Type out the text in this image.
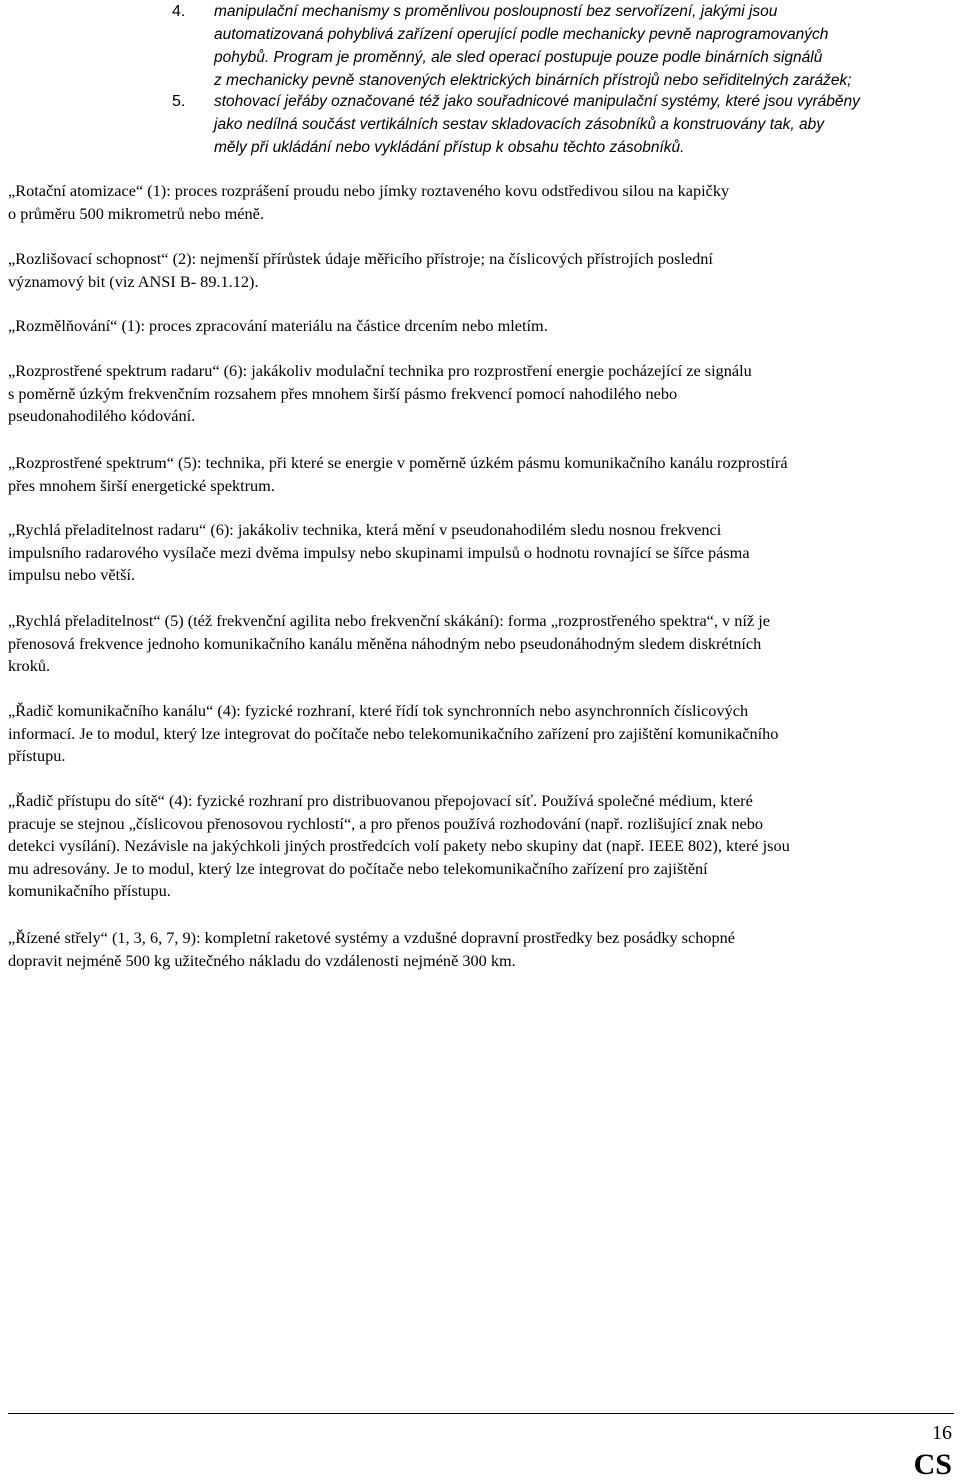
4. manipulační mechanismy s proměnlivou posloupností bez servořízení, jakými jsou
automatizovaná pohyblivá zařízení operující podle mechanicky pevně naprogramovaných
pohybů. Program je proměnný, ale sled operací postupuje pouze podle binárních signálů
z mechanicky pevně stanovených elektrických binárních přístrojů nebo seřiditelných zarážek;
5. stohovací jeřáby označované též jako souřadnicové manipulační systémy, které jsou vyráběny
jako nedílná součást vertikálních sestav skladovacích zásobníků a konstruovány tak, aby
měly při ukládání nebo vykládání přístup k obsahu těchto zásobníků.
„Rotační atomizace“ (1): proces rozprášení proudu nebo jímky roztaveného kovu odstředivou silou na kapičky
o průměru 500 mikrometrů nebo méně.
„Rozlišovací schopnost“ (2): nejmenší přírůstek údaje měřicího přístroje; na číslicových přístrojích poslední
významový bit (viz ANSI B- 89.1.12).
„Rozmělňování“ (1): proces zpracování materiálu na částice drcením nebo mletím.
„Rozprostřené spektrum radaru“ (6): jakákoliv modulační technika pro rozprostření energie pocházející ze signálu
s poměrně úzkým frekvenčním rozsahem přes mnohem širší pásmo frekvencí pomocí nahodilého nebo
pseudonahodilého kódování.
„Rozprostřené spektrum“ (5): technika, při které se energie v poměrně úzkém pásmu komunikačního kanálu rozprostírá
přes mnohem širší energetické spektrum.
„Rychlá přeladitelnost radaru“ (6): jakákoliv technika, která mění v pseudonahodilém sledu nosnou frekvenci
impulsního radarového vysílače mezi dvěma impulsy nebo skupinami impulsů o hodnotu rovnající se šířce pásma
impulsu nebo větší.
„Rychlá přeladitelnost“ (5) (též frekvenční agilita nebo frekvenční skákání): forma „rozprostřeného spektra“, v níž je
přenosová frekvence jednoho komunikačního kanálu měněna náhodným nebo pseudonáhodným sledem diskrétních
kroků.
„Řadič komunikačního kanálu“ (4): fyzické rozhraní, které řídí tok synchronních nebo asynchronních číslicových
informací. Je to modul, který lze integrovat do počítače nebo telekomunikačního zařízení pro zajištění komunikačního
přístupu.
„Řadič přístupu do sítě“ (4): fyzické rozhraní pro distribuovanou přepojovací síť. Používá společné médium, které
pracuje se stejnou „číslicovou přenosovou rychlostí“, a pro přenos používá rozhodování (např. rozlišující znak nebo
detekci vysílání). Nezávisle na jakýchkoli jiných prostředcích volí pakety nebo skupiny dat (např. IEEE 802), které jsou
mu adresovány. Je to modul, který lze integrovat do počítače nebo telekomunikačního zařízení pro zajištění
komunikačního přístupu.
„Řízené střely“ (1, 3, 6, 7, 9): kompletní raketové systémy a vzdušné dopravní prostředky bez posádky schopné
dopravit nejméně 500 kg užitečného nákladu do vzdálenosti nejméně 300 km.
16
CS
